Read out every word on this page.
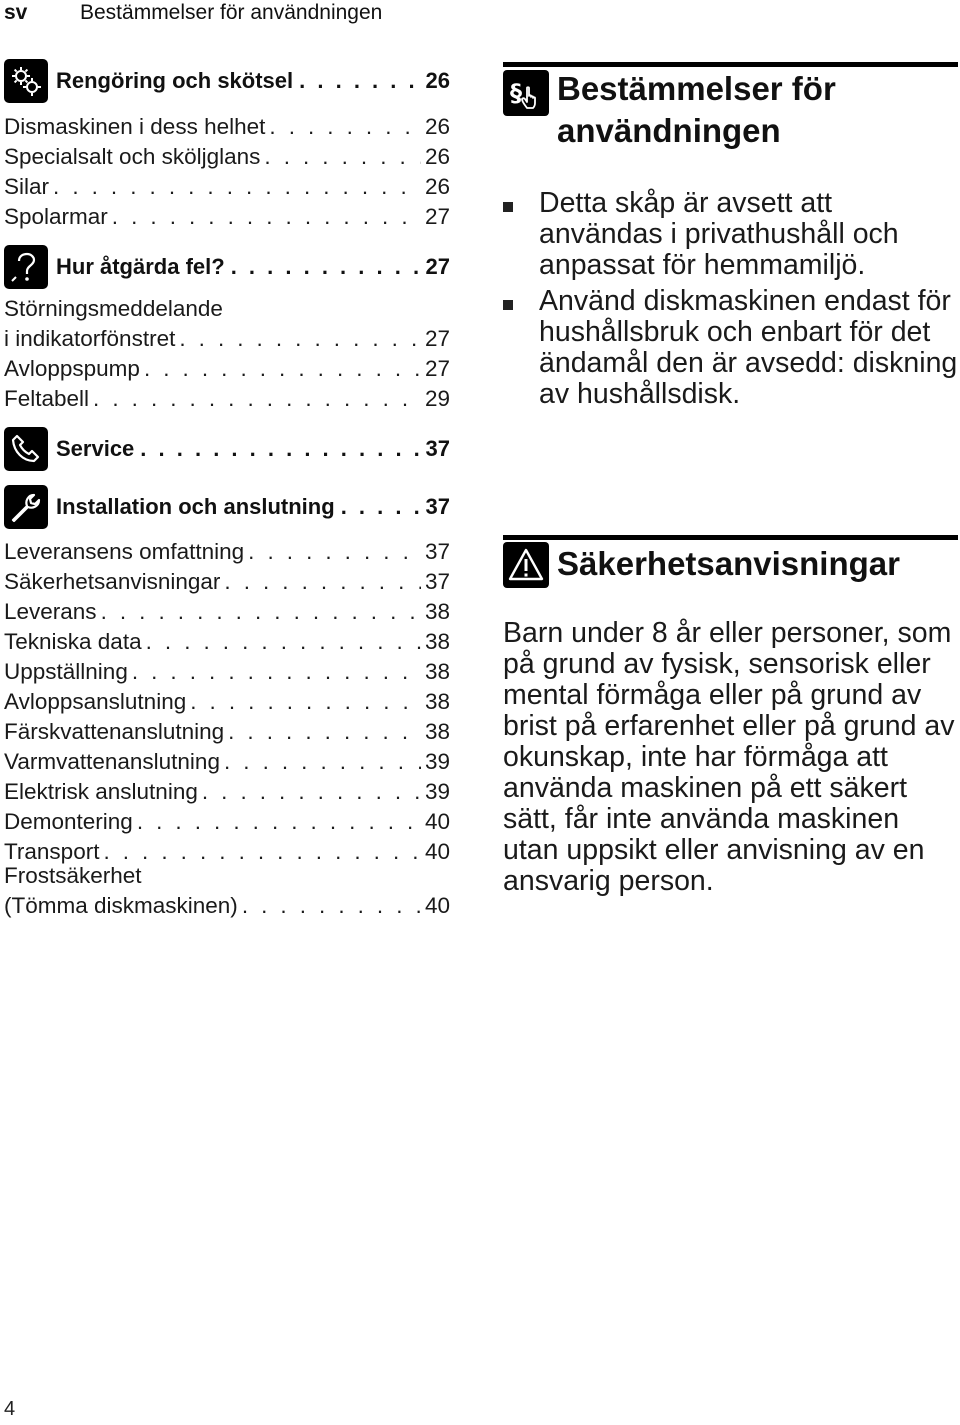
sv	Bestämmelser för användningen
Rengöring och skötsel . . .	26
Dismaskinen i dess helhet . . .	26
Specialsalt och sköljglans . . .	26
Silar . . .	26
Spolarmar . . .	27
Hur åtgärda fel? . . .	27
Störningsmeddelande
i indikatorfönstret . . .	27
Avloppspump . . .	27
Feltabell . . .	29
Service . . .	37
Installation och anslutning . . .	37
Leveransens omfattning . . .	37
Säkerhetsanvisningar . . .	37
Leverans . . .	38
Tekniska data . . .	38
Uppställning . . .	38
Avloppsanslutning . . .	38
Färskvattenanslutning . . .	38
Varmvattenanslutning . . .	39
Elektrisk anslutning . . .	39
Demontering . . .	40
Transport . . .	40
Frostsäkerhet
(Tömma diskmaskinen) . . .	40
§ Bestämmelser för
användningen
Detta skåp är avsett att användas i privathushåll och anpassat för hemmamiljö.
Använd diskmaskinen endast för hushållsbruk och enbart för det ändamål den är avsedd: diskning av hushållsdisk.
Säkerhetsanvisningar
Barn under 8 år eller personer, som på grund av fysisk, sensorisk eller mental förmåga eller på grund av brist på erfarenhet eller på grund av okunskap, inte har förmåga att använda maskinen på ett säkert sätt, får inte använda maskinen utan uppsikt eller anvisning av en ansvarig person.
4
